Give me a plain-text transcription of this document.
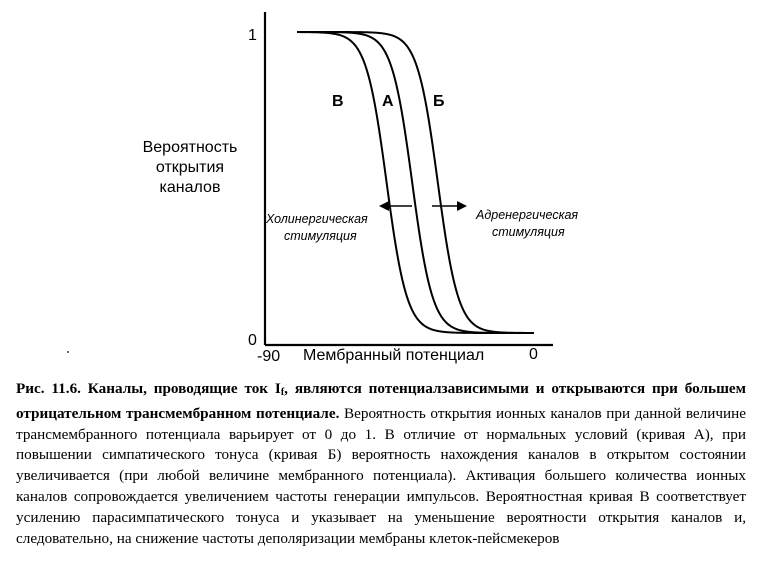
1
0
-90	0
Мембранный потенциал
В А Б
Холинергическая
стимуляция
Адренергическая
стимуляция
Вероятность
открытия
каналов
Рис. 11.6. Каналы, проводящие ток $I_f$, являются потенциалзависимыми и открываются при большем отрицательном трансмембранном потенциале. Вероятность открытия ионных каналов при данной величине трансмембранного потенциала варьирует от 0 до 1. В отличие от нормальных условий (кривая А), при повышении симпатического тонуса (кривая Б) вероятность нахождения каналов в открытом состоянии увеличивается (при любой величине мембранного потенциала). Активация большего количества ионных каналов сопровождается увеличением частоты генерации импульсов. Вероятностная кривая В соответствует усилению парасимпатического тонуса и указывает на уменьшение вероятности открытия каналов и, следовательно, на снижение частоты деполяризации мембраны клеток-пейсмекеров
